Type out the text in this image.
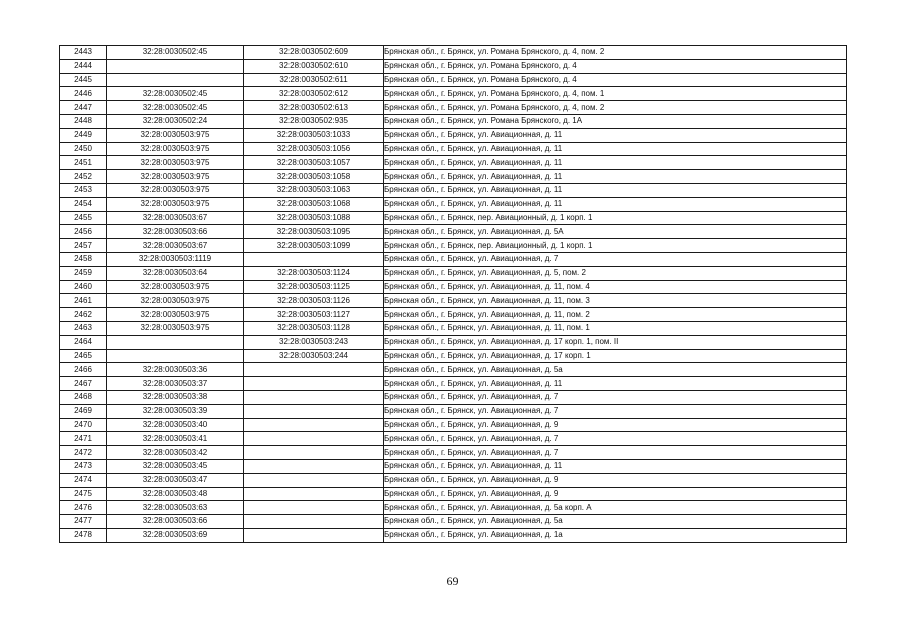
2443	32:28:0030502:45	32:28:0030502:609	Брянская обл., г. Брянск, ул. Романа Брянского, д. 4, пом. 2
2444		32:28:0030502:610	Брянская обл., г. Брянск, ул. Романа Брянского, д. 4
2445		32:28:0030502:611	Брянская обл., г. Брянск, ул. Романа Брянского, д. 4
2446	32:28:0030502:45	32:28:0030502:612	Брянская обл., г. Брянск, ул. Романа Брянского, д. 4, пом. 1
2447	32:28:0030502:45	32:28:0030502:613	Брянская обл., г. Брянск, ул. Романа Брянского, д. 4, пом. 2
2448	32:28:0030502:24	32:28:0030502:935	Брянская обл., г. Брянск, ул. Романа Брянского, д. 1А
2449	32:28:0030503:975	32:28:0030503:1033	Брянская обл., г. Брянск, ул. Авиационная, д. 11
2450	32:28:0030503:975	32:28:0030503:1056	Брянская обл., г. Брянск, ул. Авиационная, д. 11
2451	32:28:0030503:975	32:28:0030503:1057	Брянская обл., г. Брянск, ул. Авиационная, д. 11
2452	32:28:0030503:975	32:28:0030503:1058	Брянская обл., г. Брянск, ул. Авиационная, д. 11
2453	32:28:0030503:975	32:28:0030503:1063	Брянская обл., г. Брянск, ул. Авиационная, д. 11
2454	32:28:0030503:975	32:28:0030503:1068	Брянская обл., г. Брянск, ул. Авиационная, д. 11
2455	32:28:0030503:67	32:28:0030503:1088	Брянская обл., г. Брянск, пер. Авиационный, д. 1 корп. 1
2456	32:28:0030503:66	32:28:0030503:1095	Брянская обл., г. Брянск, ул. Авиационная, д. 5А
2457	32:28:0030503:67	32:28:0030503:1099	Брянская обл., г. Брянск, пер. Авиационный, д. 1 корп. 1
2458	32:28:0030503:1119		Брянская обл., г. Брянск, ул. Авиационная, д. 7
2459	32:28:0030503:64	32:28:0030503:1124	Брянская обл., г. Брянск, ул. Авиационная, д. 5, пом. 2
2460	32:28:0030503:975	32:28:0030503:1125	Брянская обл., г. Брянск, ул. Авиационная, д. 11, пом. 4
2461	32:28:0030503:975	32:28:0030503:1126	Брянская обл., г. Брянск, ул. Авиационная, д. 11, пом. 3
2462	32:28:0030503:975	32:28:0030503:1127	Брянская обл., г. Брянск, ул. Авиационная, д. 11, пом. 2
2463	32:28:0030503:975	32:28:0030503:1128	Брянская обл., г. Брянск, ул. Авиационная, д. 11, пом. 1
2464		32:28:0030503:243	Брянская обл., г. Брянск, ул. Авиационная, д. 17 корп. 1, пом. II
2465		32:28:0030503:244	Брянская обл., г. Брянск, ул. Авиационная, д. 17 корп. 1
2466	32:28:0030503:36		Брянская обл., г. Брянск, ул. Авиационная, д. 5а
2467	32:28:0030503:37		Брянская обл., г. Брянск, ул. Авиационная, д. 11
2468	32:28:0030503:38		Брянская обл., г. Брянск, ул. Авиационная, д. 7
2469	32:28:0030503:39		Брянская обл., г. Брянск, ул. Авиационная, д. 7
2470	32:28:0030503:40		Брянская обл., г. Брянск, ул. Авиационная, д. 9
2471	32:28:0030503:41		Брянская обл., г. Брянск, ул. Авиационная, д. 7
2472	32:28:0030503:42		Брянская обл., г. Брянск, ул. Авиационная, д. 7
2473	32:28:0030503:45		Брянская обл., г. Брянск, ул. Авиационная, д. 11
2474	32:28:0030503:47		Брянская обл., г. Брянск, ул. Авиационная, д. 9
2475	32:28:0030503:48		Брянская обл., г. Брянск, ул. Авиационная, д. 9
2476	32:28:0030503:63		Брянская обл., г. Брянск, ул. Авиационная, д. 5а корп. А
2477	32:28:0030503:66		Брянская обл., г. Брянск, ул. Авиационная, д. 5а
2478	32:28:0030503:69		Брянская обл., г. Брянск, ул. Авиационная, д. 1а
69
